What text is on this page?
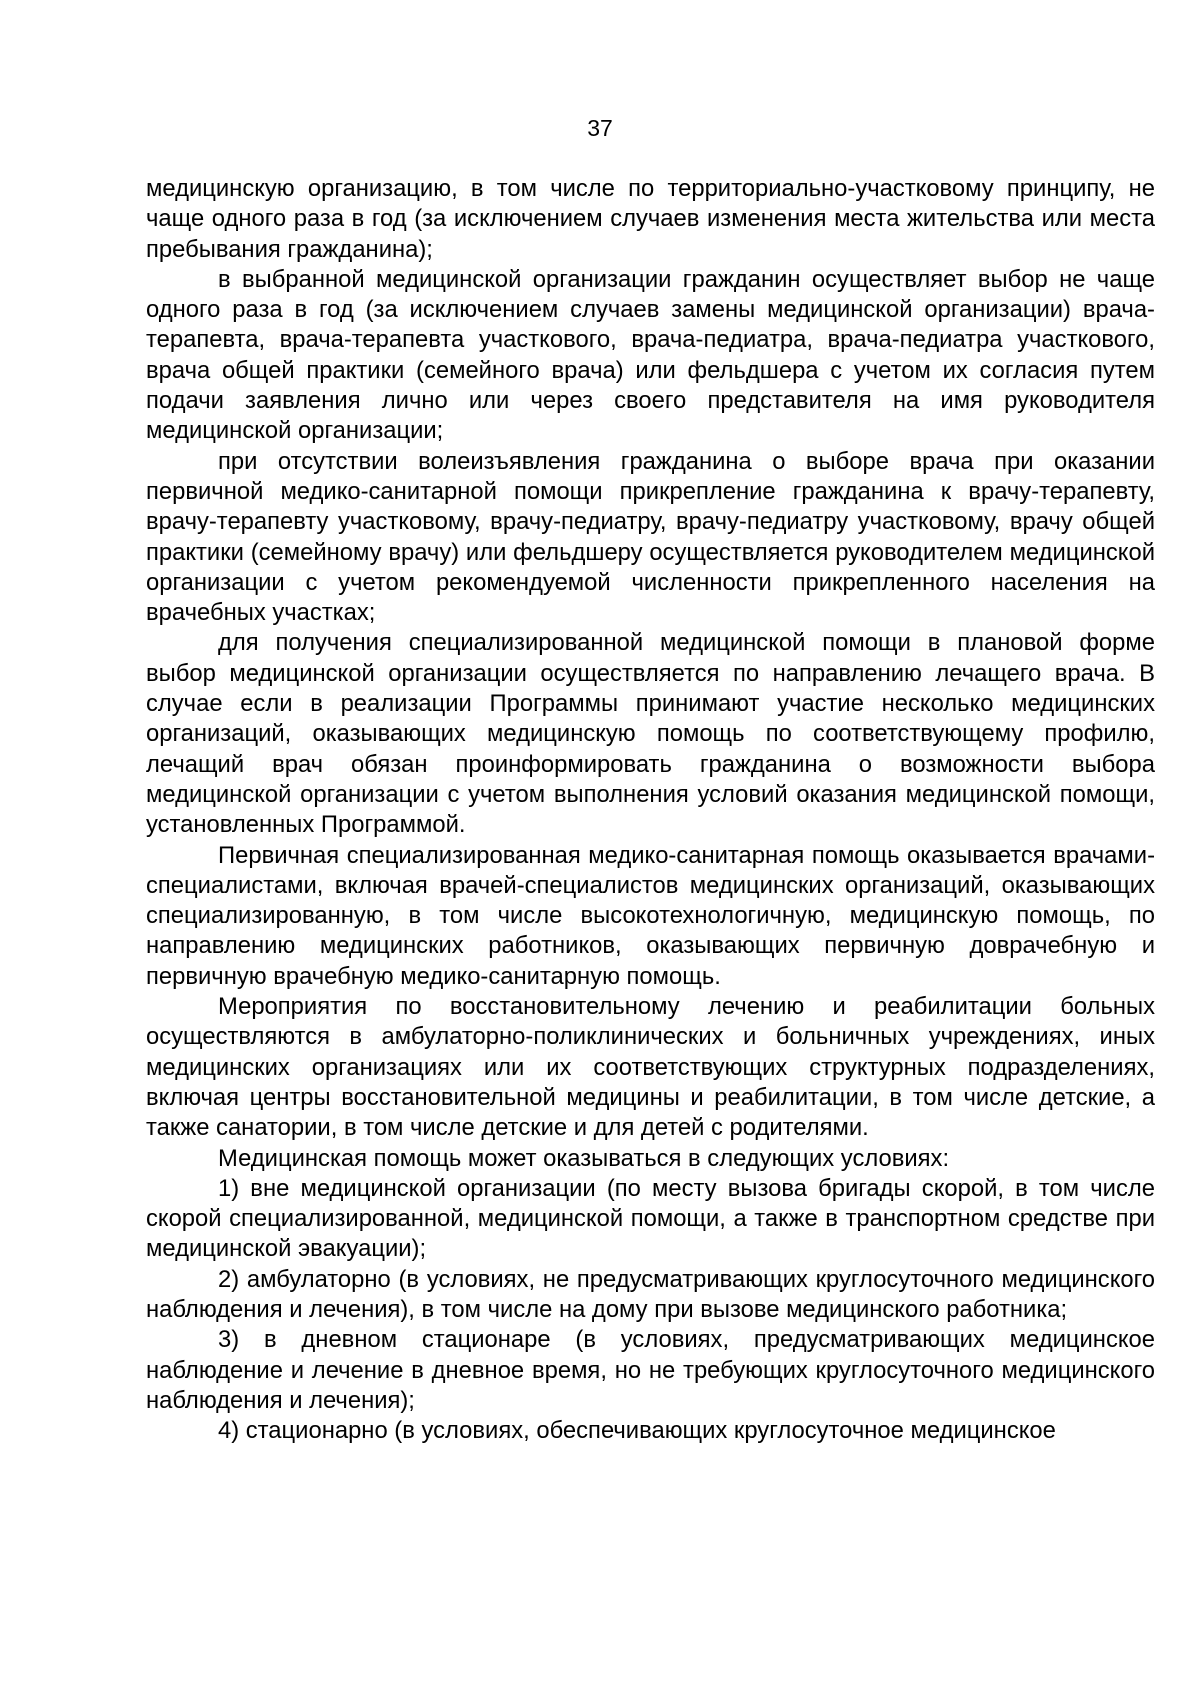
37

медицинскую организацию, в том числе по территориально-участковому принципу, не чаще одного раза в год (за исключением случаев изменения места жительства или места пребывания гражданина);

в выбранной медицинской организации гражданин осуществляет выбор не чаще одного раза в год (за исключением случаев замены медицинской организации) врача-терапевта, врача-терапевта участкового, врача-педиатра, врача-педиатра участкового, врача общей практики (семейного врача) или фельдшера с учетом их согласия путем подачи заявления лично или через своего представителя на имя руководителя медицинской организации;

при отсутствии волеизъявления гражданина о выборе врача при оказании первичной медико-санитарной помощи прикрепление гражданина к врачу-терапевту, врачу-терапевту участковому, врачу-педиатру, врачу-педиатру участковому, врачу общей практики (семейному врачу) или фельдшеру осуществляется руководителем медицинской организации с учетом рекомендуемой численности прикрепленного населения на врачебных участках;

для получения специализированной медицинской помощи в плановой форме выбор медицинской организации осуществляется по направлению лечащего врача. В случае если в реализации Программы принимают участие несколько медицинских организаций, оказывающих медицинскую помощь по соответствующему профилю, лечащий врач обязан проинформировать гражданина о возможности выбора медицинской организации с учетом выполнения условий оказания медицинской помощи, установленных Программой.

Первичная специализированная медико-санитарная помощь оказывается врачами-специалистами, включая врачей-специалистов медицинских организаций, оказывающих специализированную, в том числе высокотехнологичную, медицинскую помощь, по направлению медицинских работников, оказывающих первичную доврачебную и первичную врачебную медико-санитарную помощь.

Мероприятия по восстановительному лечению и реабилитации больных осуществляются в амбулаторно-поликлинических и больничных учреждениях, иных медицинских организациях или их соответствующих структурных подразделениях, включая центры восстановительной медицины и реабилитации, в том числе детские, а также санатории, в том числе детские и для детей с родителями.

Медицинская помощь может оказываться в следующих условиях:

1) вне медицинской организации (по месту вызова бригады скорой, в том числе скорой специализированной, медицинской помощи, а также в транспортном средстве при медицинской эвакуации);

2) амбулаторно (в условиях, не предусматривающих круглосуточного медицинского наблюдения и лечения), в том числе на дому при вызове медицинского работника;

3) в дневном стационаре (в условиях, предусматривающих медицинское наблюдение и лечение в дневное время, но не требующих круглосуточного медицинского наблюдения и лечения);

4) стационарно (в условиях, обеспечивающих круглосуточное медицинское
